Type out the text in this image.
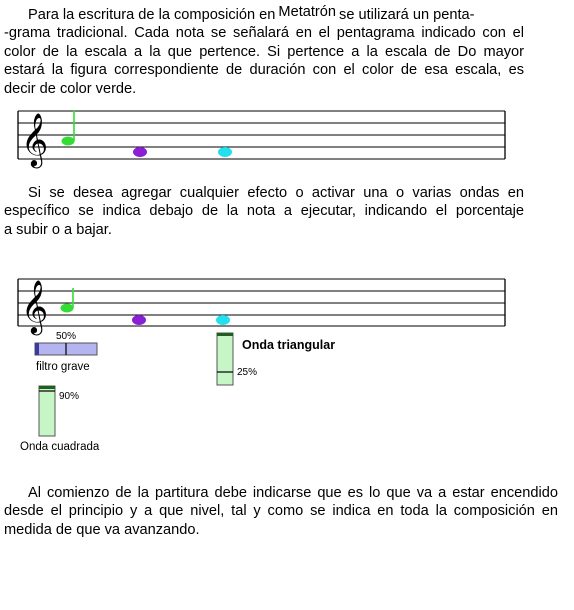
Para la escritura de la composición en Metatrón se utilizará un penta-
-grama tradicional. Cada nota se señalará en el pentagrama indicado con el
color de la escala a la que pertence. Si pertence a la escala de Do mayor
estará la figura correspondiente de duración con el color de esa escala, es
decir de color verde.
𝄞
𝄞
Si se desea agregar cualquier efecto o activar una o varias ondas en
específico se indica debajo de la nota a ejecutar, indicando el porcentaje
a subir o a bajar.
50%
filtro grave
Onda triangular
25%
90%
Onda cuadrada
Al comienzo de la partitura debe indicarse que es lo que va a estar encendido
desde el principio y a que nivel, tal y como se indica en toda la composición en
medida de que va avanzando.
